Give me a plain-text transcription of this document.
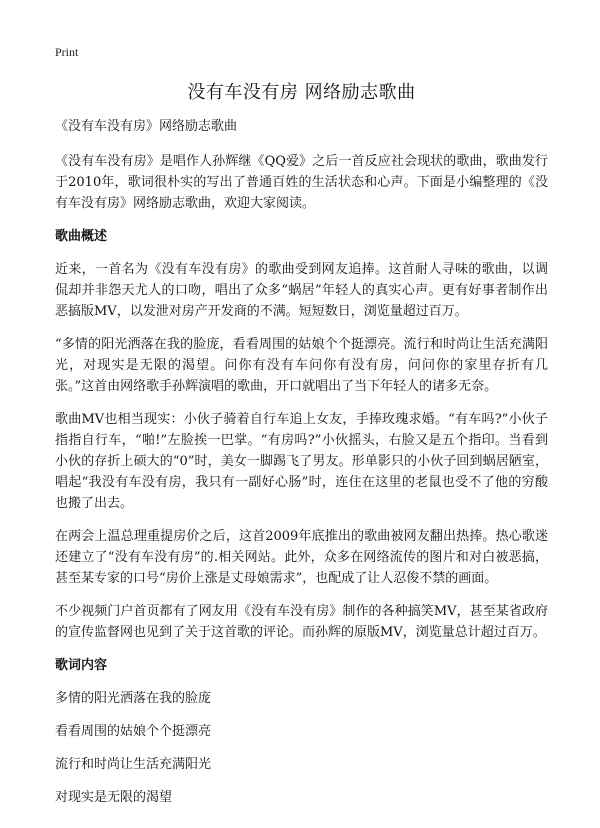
Print
没有车没有房 网络励志歌曲

《没有车没有房》网络励志歌曲

《没有车没有房》是唱作人孙辉继《QQ爱》之后一首反应社会现状的歌曲，歌曲发行于2010年，歌词很朴实的写出了普通百姓的生活状态和心声。下面是小编整理的《没有车没有房》网络励志歌曲，欢迎大家阅读。

歌曲概述

近来，一首名为《没有车没有房》的歌曲受到网友追捧。这首耐人寻味的歌曲，以调侃却并非怨天尤人的口吻，唱出了众多“蜗居”年轻人的真实心声。更有好事者制作出恶搞版MV，以发泄对房产开发商的不满。短短数日，浏览量超过百万。

“多情的阳光洒落在我的脸庞，看看周围的姑娘个个挺漂亮。流行和时尚让生活充满阳光，对现实是无限的渴望。问你有没有车问你有没有房，问问你的家里存折有几张。”这首由网络歌手孙辉演唱的歌曲，开口就唱出了当下年轻人的诸多无奈。

歌曲MV也相当现实：小伙子骑着自行车追上女友，手捧玫瑰求婚。“有车吗?”小伙子指指自行车，“啪!”左脸挨一巴掌。“有房吗?”小伙摇头，右脸又是五个指印。当看到小伙的存折上硕大的“0”时，美女一脚踢飞了男友。形单影只的小伙子回到蜗居陋室，唱起“我没有车没有房，我只有一副好心肠”时，连住在这里的老鼠也受不了他的穷酸也搬了出去。

在两会上温总理重提房价之后，这首2009年底推出的歌曲被网友翻出热捧。热心歌迷还建立了“没有车没有房”的.相关网站。此外，众多在网络流传的图片和对白被恶搞，甚至某专家的口号“房价上涨是丈母娘需求”，也配成了让人忍俊不禁的画面。

不少视频门户首页都有了网友用《没有车没有房》制作的各种搞笑MV，甚至某省政府的宣传监督网也见到了关于这首歌的评论。而孙辉的原版MV，浏览量总计超过百万。

歌词内容

多情的阳光洒落在我的脸庞

看看周围的姑娘个个挺漂亮

流行和时尚让生活充满阳光

对现实是无限的渴望
